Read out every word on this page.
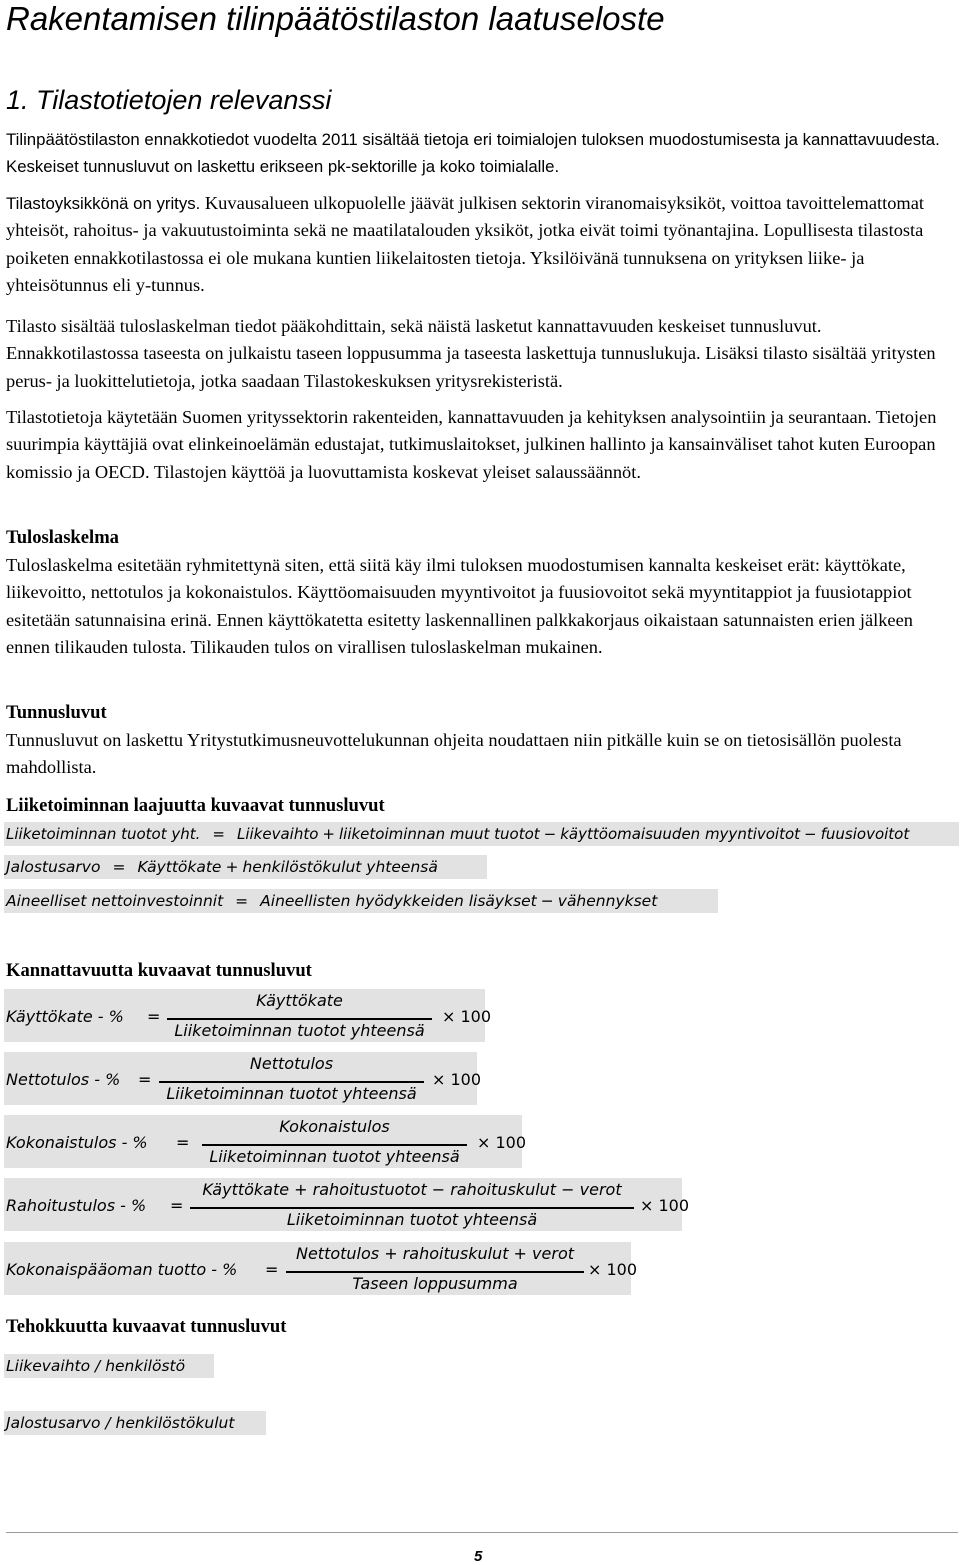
Rakentamisen tilinpäätöstilaston laatuseloste
1. Tilastotietojen relevanssi

Tilinpäätöstilaston ennakkotiedot vuodelta 2011 sisältää tietoja eri toimialojen tuloksen muodostumisesta ja kannattavuudesta. Keskeiset tunnusluvut on laskettu erikseen pk-sektorille ja koko toimialalle.

Tilastoyksikkönä on yritys. Kuvausalueen ulkopuolelle jäävät julkisen sektorin viranomaisyksiköt, voittoa tavoittelemattomat yhteisöt, rahoitus- ja vakuutustoiminta sekä ne maatilatalouden yksiköt, jotka eivät toimi työnantajina. Lopullisesta tilastosta poiketen ennakkotilastossa ei ole mukana kuntien liikelaitosten tietoja. Yksilöivänä tunnuksena on yrityksen liike- ja yhteisötunnus eli y-tunnus.

Tilasto sisältää tuloslaskelman tiedot pääkohdittain, sekä näistä lasketut kannattavuuden keskeiset tunnusluvut. Ennakkotilastossa taseesta on julkaistu taseen loppusumma ja taseesta laskettuja tunnuslukuja. Lisäksi tilasto sisältää yritysten perus- ja luokittelutietoja, jotka saadaan Tilastokeskuksen yritysrekisteristä.

Tilastotietoja käytetään Suomen yrityssektorin rakenteiden, kannattavuuden ja kehityksen analysointiin ja seurantaan. Tietojen suurimpia käyttäjiä ovat elinkeinoelämän edustajat, tutkimuslaitokset, julkinen hallinto ja kansainväliset tahot kuten Euroopan komissio ja OECD. Tilastojen käyttöä ja luovuttamista koskevat yleiset salaussäännöt.

Tuloslaskelma

Tuloslaskelma esitetään ryhmitettynä siten, että siitä käy ilmi tuloksen muodostumisen kannalta keskeiset erät: käyttökate, liikevoitto, nettotulos ja kokonaistulos. Käyttöomaisuuden myyntivoitot ja fuusiovoitot sekä myyntitappiot ja fuusiotappiot esitetään satunnaisina erinä. Ennen käyttökatetta esitetty laskennallinen palkkakorjaus oikaistaan satunnaisten erien jälkeen ennen tilikauden tulosta. Tilikauden tulos on virallisen tuloslaskelman mukainen.

Tunnusluvut

Tunnusluvut on laskettu Yritystutkimusneuvottelukunnan ohjeita noudattaen niin pitkälle kuin se on tietosisällön puolesta mahdollista.

Liiketoiminnan laajuutta kuvaavat tunnusluvut
Liiketoiminnan tuotot yht. = Liikevaihto + liiketoiminnan muut tuotot − käyttöomaisuuden myyntivoitot − fuusiovoitot
Jalostusarvo = Käyttökate + henkilöstökulut yhteensä
Aineelliset nettoinvestoinnit = Aineellisten hyödykkeiden lisäykset − vähennykset
Kannattavuutta kuvaavat tunnusluvut
Käyttökate - % =
Käyttökate
Liiketoiminnan tuotot yhteensä
× 100
Nettotulos - % =
Nettotulos
Liiketoiminnan tuotot yhteensä
× 100
Kokonaistulos - % =
Kokonaistulos
Liiketoiminnan tuotot yhteensä
× 100
Rahoitustulos - % =
Käyttökate + rahoitustuotot − rahoituskulut − verot
Liiketoiminnan tuotot yhteensä
× 100
Kokonaispääoman tuotto - % =
Nettotulos + rahoituskulut + verot
Taseen loppusumma
× 100
Tehokkuutta kuvaavat tunnusluvut
Liikevaihto / henkilöstö
Jalostusarvo / henkilöstökulut

5
